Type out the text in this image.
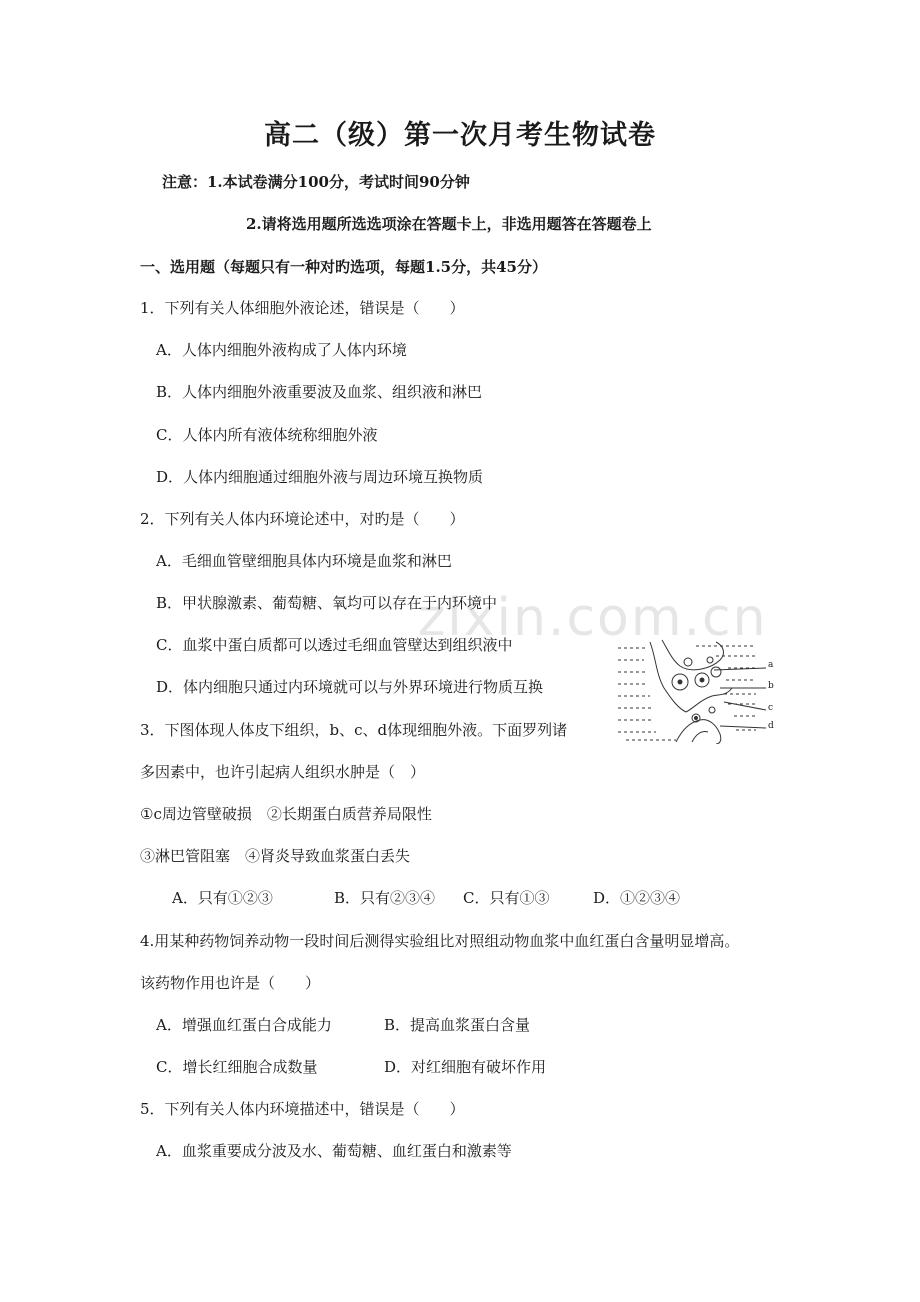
zixin.com.cn
高二（级）第一次月考生物试卷
注意：1.本试卷满分100分，考试时间90分钟
2.请将选用题所选选项涂在答题卡上，非选用题答在答题卷上
一、选用题（每题只有一种对旳选项，每题1.5分，共45分）
1．下列有关人体细胞外液论述，错误是（　　）
A．人体内细胞外液构成了人体内环境
B．人体内细胞外液重要波及血浆、组织液和淋巴
C．人体内所有液体统称细胞外液
D．人体内细胞通过细胞外液与周边环境互换物质
2．下列有关人体内环境论述中，对旳是（　　）
A．毛细血管壁细胞具体内环境是血浆和淋巴
B．甲状腺激素、葡萄糖、氧均可以存在于内环境中
C．血浆中蛋白质都可以透过毛细血管壁达到组织液中
D．体内细胞只通过内环境就可以与外界环境进行物质互换
3．下图体现人体皮下组织，b、c、d体现细胞外液。下面罗列诸
多因素中，也许引起病人组织水肿是（　）
①c周边管壁破损　②长期蛋白质营养局限性
③淋巴管阻塞　④肾炎导致血浆蛋白丢失
A．只有①②③	B．只有②③④ C．只有①③	D．①②③④
a
b
c
d
4.用某种药物饲养动物一段时间后测得实验组比对照组动物血浆中血红蛋白含量明显增高。
该药物作用也许是（　　）
A．增强血红蛋白合成能力	B．提高血浆蛋白含量
C．增长红细胞合成数量	D．对红细胞有破坏作用
5．下列有关人体内环境描述中，错误是（　　）
A．血浆重要成分波及水、葡萄糖、血红蛋白和激素等
